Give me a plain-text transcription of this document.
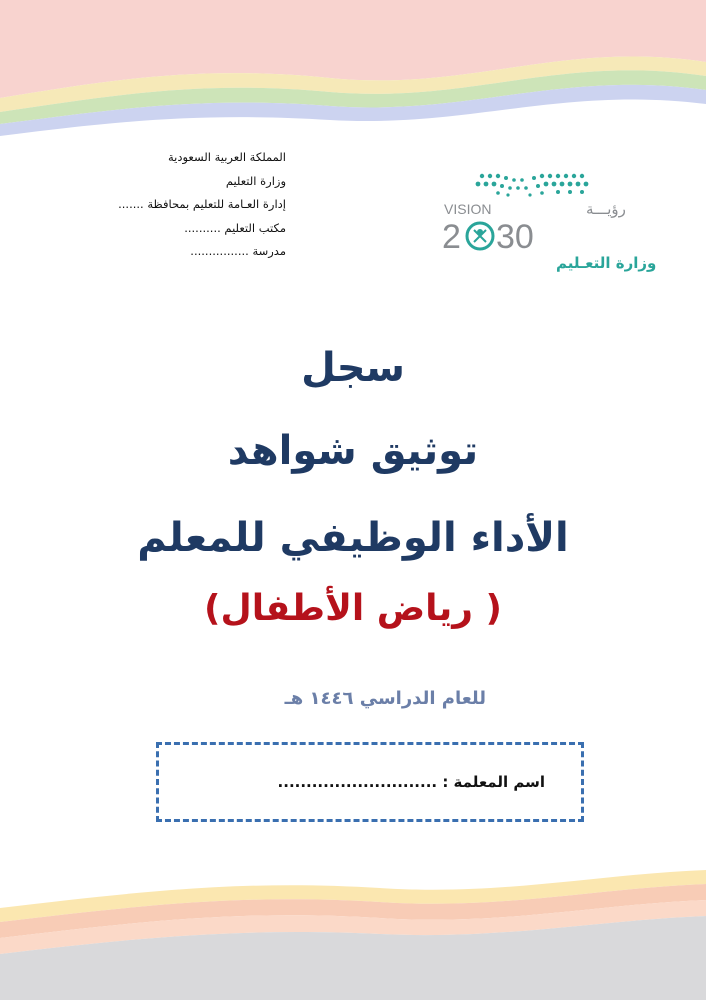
المملكة العربية السعودية
وزارة التعليم
إدارة العـامة للتعليم بمحافظة .......
مكتب التعليم ..........
مدرسة ................
VISION	رؤيـــة
2 30
وزارة التعـليم
سجل
توثيق شواهد
الأداء الوظيفي للمعلم
( رياض الأطفال)
للعام الدراسي ١٤٤٦ هـ
اسم المعلمة : ............................
